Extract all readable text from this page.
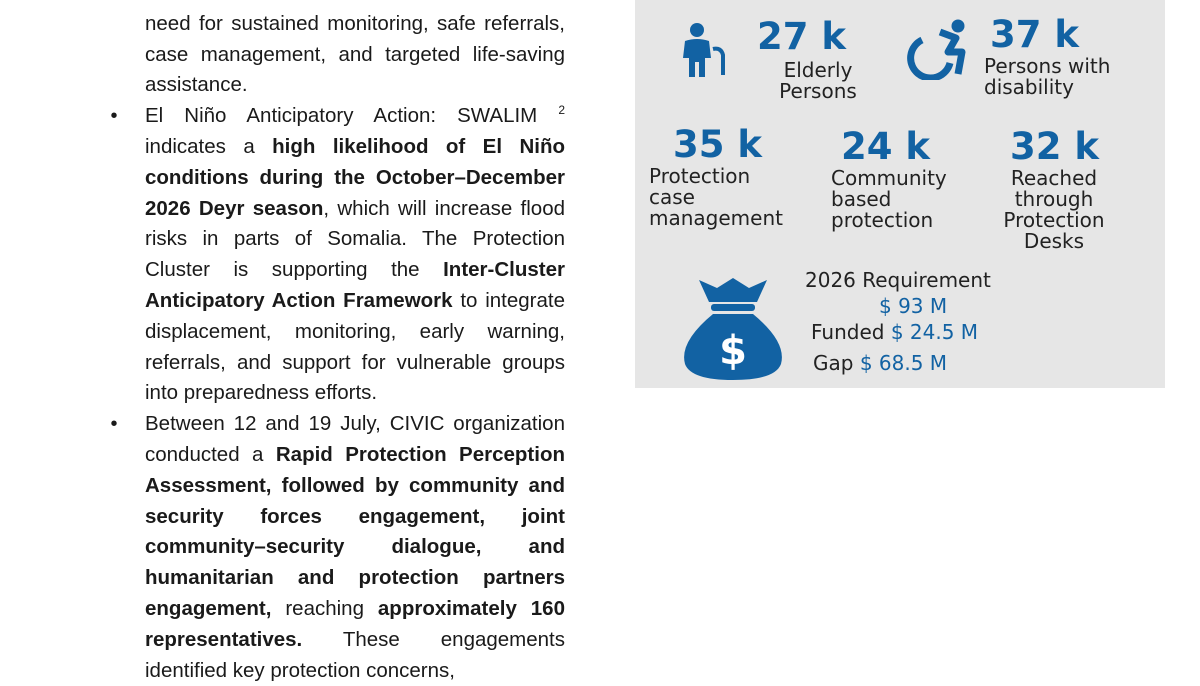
need for sustained monitoring, safe referrals, case management, and targeted life-saving assistance.

•

El Niño Anticipatory Action: SWALIM $^2$ indicates a high likelihood of El Niño conditions during the October–December 2026 Deyr season, which will increase flood risks in parts of Somalia. The Protection Cluster is supporting the Inter-Cluster Anticipatory Action Framework to integrate displacement, monitoring, early warning, referrals, and support for vulnerable groups into preparedness efforts.

•

Between 12 and 19 July, CIVIC organization conducted a Rapid Protection Perception Assessment, followed by community and security forces engagement, joint community–security dialogue, and humanitarian and protection partners engagement, reaching approximately 160 representatives. These engagements identified key protection concerns,

27 k
Elderly
Persons
37 k
Persons with
disability
35 k
Protection
case
management
24 k
Community
based
protection
32 k
Reached
through
Protection
Desks
$
2026 Requirement
$ 93 M
Funded $ 24.5 M
Gap $ 68.5 M
